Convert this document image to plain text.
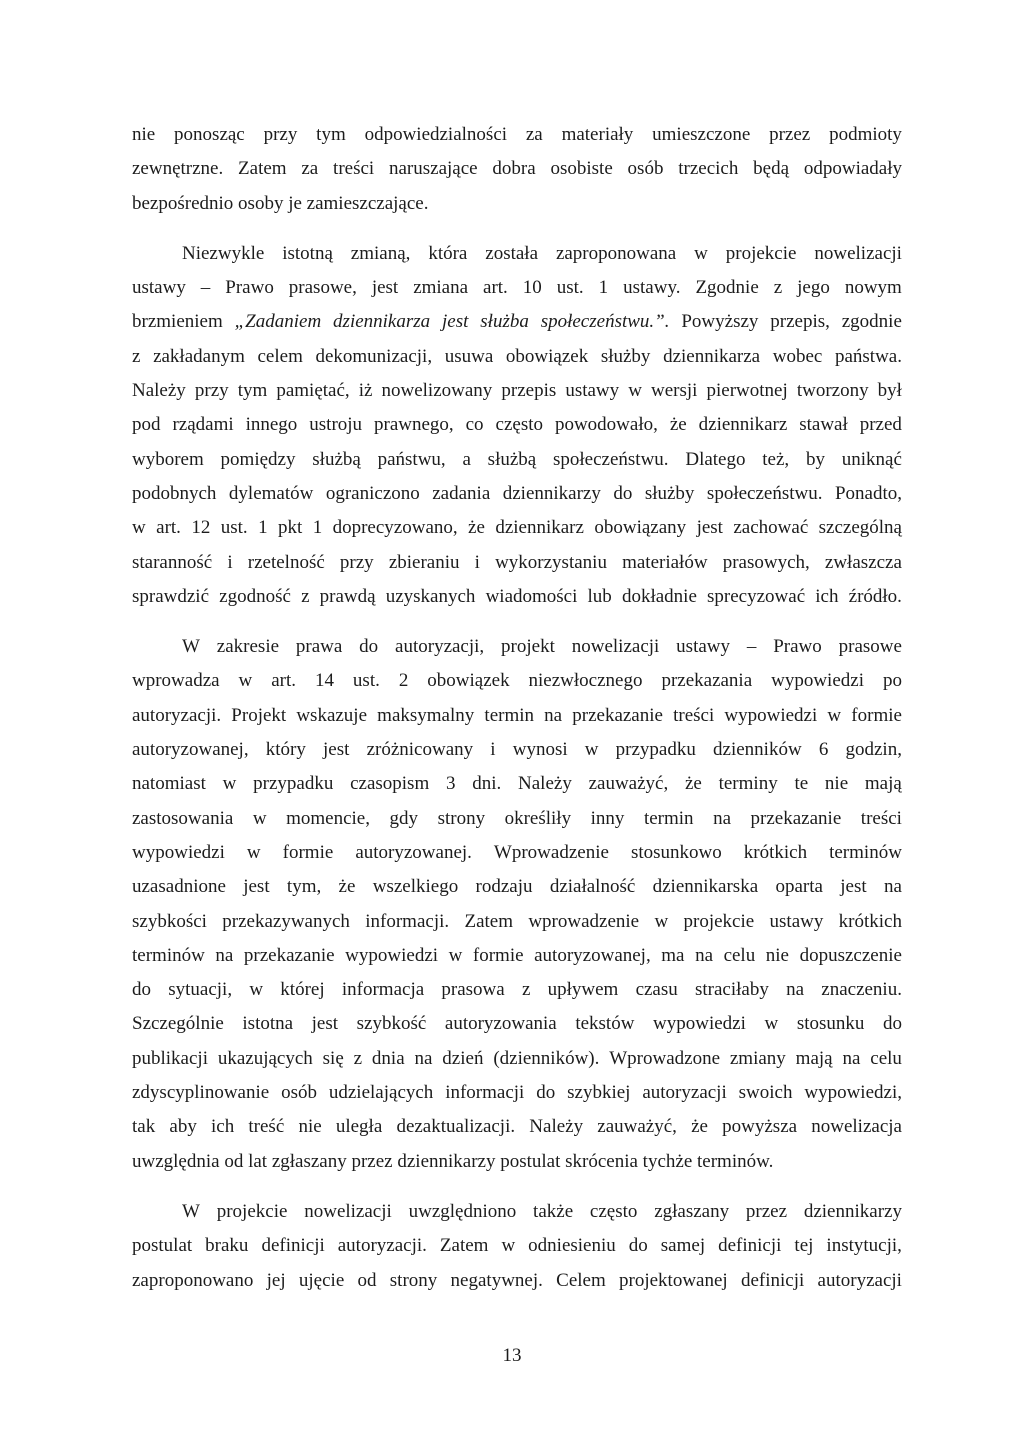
nie ponosząc przy tym odpowiedzialności za materiały umieszczone przez podmioty
zewnętrzne. Zatem za treści naruszające dobra osobiste osób trzecich będą odpowiadały
bezpośrednio osoby je zamieszczające.
Niezwykle istotną zmianą, która została zaproponowana w projekcie nowelizacji
ustawy – Prawo prasowe, jest zmiana art. 10 ust. 1 ustawy. Zgodnie z jego nowym
brzmieniem „Zadaniem dziennikarza jest służba społeczeństwu.”. Powyższy przepis, zgodnie
z zakładanym celem dekomunizacji, usuwa obowiązek służby dziennikarza wobec państwa.
Należy przy tym pamiętać, iż nowelizowany przepis ustawy w wersji pierwotnej tworzony był
pod rządami innego ustroju prawnego, co często powodowało, że dziennikarz stawał przed
wyborem pomiędzy służbą państwu, a służbą społeczeństwu. Dlatego też, by uniknąć
podobnych dylematów ograniczono zadania dziennikarzy do służby społeczeństwu. Ponadto,
w art. 12 ust. 1 pkt 1 doprecyzowano, że dziennikarz obowiązany jest zachować szczególną
staranność i rzetelność przy zbieraniu i wykorzystaniu materiałów prasowych, zwłaszcza
sprawdzić zgodność z prawdą uzyskanych wiadomości lub dokładnie sprecyzować ich źródło.
W zakresie prawa do autoryzacji, projekt nowelizacji ustawy – Prawo prasowe
wprowadza w art. 14 ust. 2 obowiązek niezwłocznego przekazania wypowiedzi po
autoryzacji. Projekt wskazuje maksymalny termin na przekazanie treści wypowiedzi w formie
autoryzowanej, który jest zróżnicowany i wynosi w przypadku dzienników 6 godzin,
natomiast w przypadku czasopism 3 dni. Należy zauważyć, że terminy te nie mają
zastosowania w momencie, gdy strony określiły inny termin na przekazanie treści
wypowiedzi w formie autoryzowanej. Wprowadzenie stosunkowo krótkich terminów
uzasadnione jest tym, że wszelkiego rodzaju działalność dziennikarska oparta jest na
szybkości przekazywanych informacji. Zatem wprowadzenie w projekcie ustawy krótkich
terminów na przekazanie wypowiedzi w formie autoryzowanej, ma na celu nie dopuszczenie
do sytuacji, w której informacja prasowa z upływem czasu straciłaby na znaczeniu.
Szczególnie istotna jest szybkość autoryzowania tekstów wypowiedzi w stosunku do
publikacji ukazujących się z dnia na dzień (dzienników). Wprowadzone zmiany mają na celu
zdyscyplinowanie osób udzielających informacji do szybkiej autoryzacji swoich wypowiedzi,
tak aby ich treść nie uległa dezaktualizacji. Należy zauważyć, że powyższa nowelizacja
uwzględnia od lat zgłaszany przez dziennikarzy postulat skrócenia tychże terminów.
W projekcie nowelizacji uwzględniono także często zgłaszany przez dziennikarzy
postulat braku definicji autoryzacji. Zatem w odniesieniu do samej definicji tej instytucji,
zaproponowano jej ujęcie od strony negatywnej. Celem projektowanej definicji autoryzacji
13
